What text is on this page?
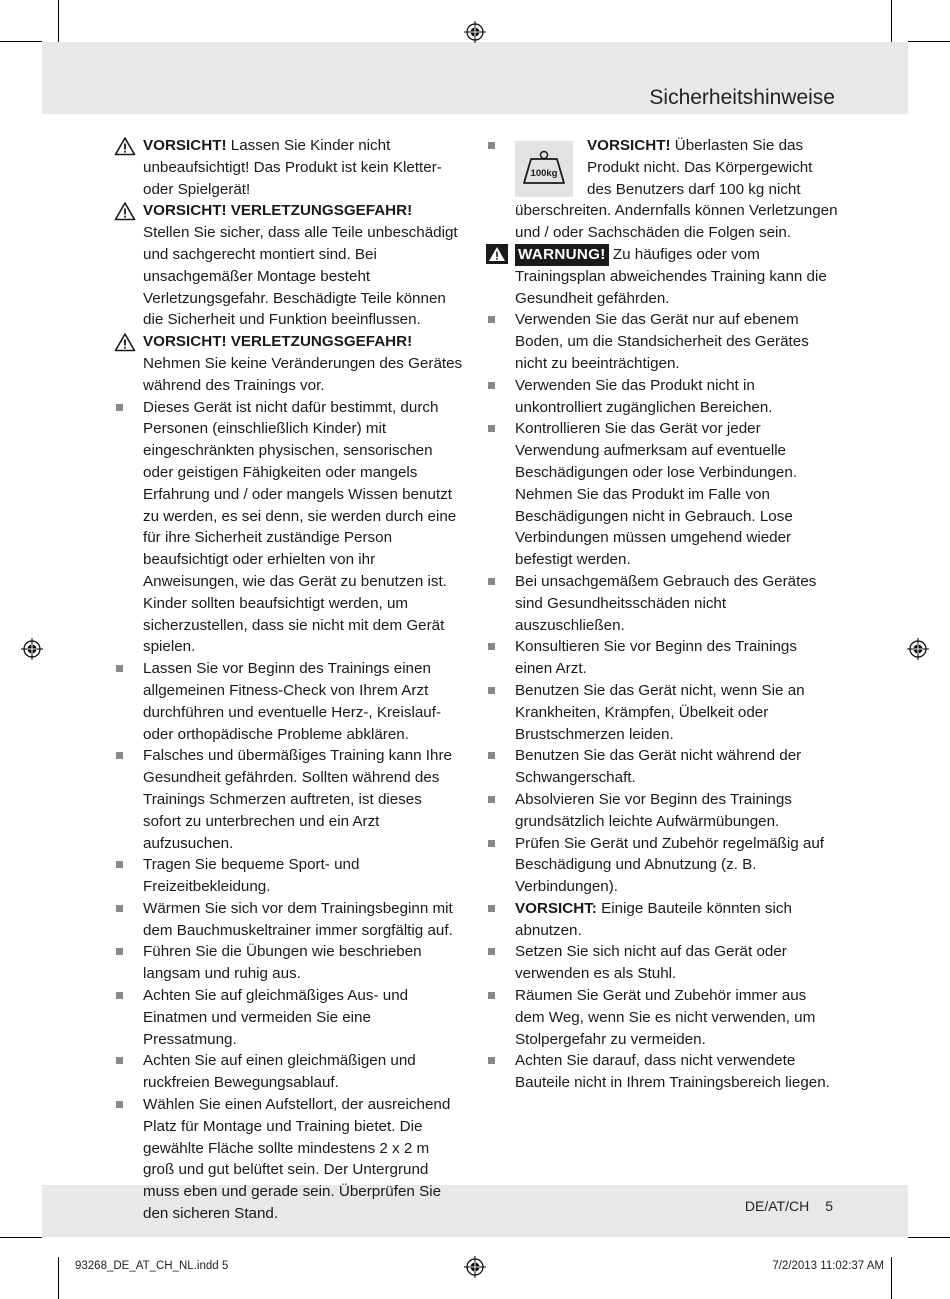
Sicherheitshinweise

VORSICHT! Lassen Sie Kinder nicht unbeaufsichtigt! Das Produkt ist kein Kletter- oder Spielgerät!

VORSICHT! VERLETZUNGSGEFAHR!
Stellen Sie sicher, dass alle Teile unbeschädigt und sachgerecht montiert sind. Bei unsachgemäßer Montage besteht Verletzungsgefahr. Beschädigte Teile können die Sicherheit und Funktion beeinflussen.

VORSICHT! VERLETZUNGSGEFAHR!
Nehmen Sie keine Veränderungen des Gerätes während des Trainings vor.

Dieses Gerät ist nicht dafür bestimmt, durch Personen (einschließlich Kinder) mit eingeschränkten physischen, sensorischen oder geistigen Fähigkeiten oder mangels Erfahrung und / oder mangels Wissen benutzt zu werden, es sei denn, sie werden durch eine für ihre Sicherheit zuständige Person beaufsichtigt oder erhielten von ihr Anweisungen, wie das Gerät zu benutzen ist. Kinder sollten beaufsichtigt werden, um sicherzustellen, dass sie nicht mit dem Gerät spielen.

Lassen Sie vor Beginn des Trainings einen allgemeinen Fitness-Check von Ihrem Arzt durchführen und eventuelle Herz-, Kreislauf- oder orthopädische Probleme abklären.

Falsches und übermäßiges Training kann Ihre Gesundheit gefährden. Sollten während des Trainings Schmerzen auftreten, ist dieses sofort zu unterbrechen und ein Arzt aufzusuchen.

Tragen Sie bequeme Sport- und Freizeitbekleidung.

Wärmen Sie sich vor dem Trainingsbeginn mit dem Bauchmuskeltrainer immer sorgfältig auf.

Führen Sie die Übungen wie beschrieben langsam und ruhig aus.

Achten Sie auf gleichmäßiges Aus- und Einatmen und vermeiden Sie eine Pressatmung.

Achten Sie auf einen gleichmäßigen und ruckfreien Bewegungsablauf.

Wählen Sie einen Aufstellort, der ausreichend Platz für Montage und Training bietet. Die gewählte Fläche sollte mindestens 2 x 2 m groß und gut belüftet sein. Der Untergrund muss eben und gerade sein. Überprüfen Sie den sicheren Stand.

100kg
VORSICHT! Überlasten Sie das Produkt nicht. Das Körpergewicht des Benutzers darf 100 kg nicht überschreiten. Andernfalls können Verletzungen und / oder Sachschäden die Folgen sein.

WARNUNG! Zu häufiges oder vom Trainingsplan abweichendes Training kann die Gesundheit gefährden.

Verwenden Sie das Gerät nur auf ebenem Boden, um die Standsicherheit des Gerätes nicht zu beeinträchtigen.

Verwenden Sie das Produkt nicht in unkontrolliert zugänglichen Bereichen.

Kontrollieren Sie das Gerät vor jeder Verwendung aufmerksam auf eventuelle Beschädigungen oder lose Verbindungen. Nehmen Sie das Produkt im Falle von Beschädigungen nicht in Gebrauch. Lose Verbindungen müssen umgehend wieder befestigt werden.

Bei unsachgemäßem Gebrauch des Gerätes sind Gesundheitsschäden nicht auszuschließen.

Konsultieren Sie vor Beginn des Trainings einen Arzt.

Benutzen Sie das Gerät nicht, wenn Sie an Krankheiten, Krämpfen, Übelkeit oder Brustschmerzen leiden.

Benutzen Sie das Gerät nicht während der Schwangerschaft.

Absolvieren Sie vor Beginn des Trainings grundsätzlich leichte Aufwärmübungen.

Prüfen Sie Gerät und Zubehör regelmäßig auf Beschädigung und Abnutzung (z. B. Verbindungen).

VORSICHT: Einige Bauteile könnten sich abnutzen.

Setzen Sie sich nicht auf das Gerät oder verwenden es als Stuhl.

Räumen Sie Gerät und Zubehör immer aus dem Weg, wenn Sie es nicht verwenden, um Stolpergefahr zu vermeiden.

Achten Sie darauf, dass nicht verwendete Bauteile nicht in Ihrem Trainingsbereich liegen.

DE/AT/CH 5
93268_DE_AT_CH_NL.indd 5	7/2/2013 11:02:37 AM
